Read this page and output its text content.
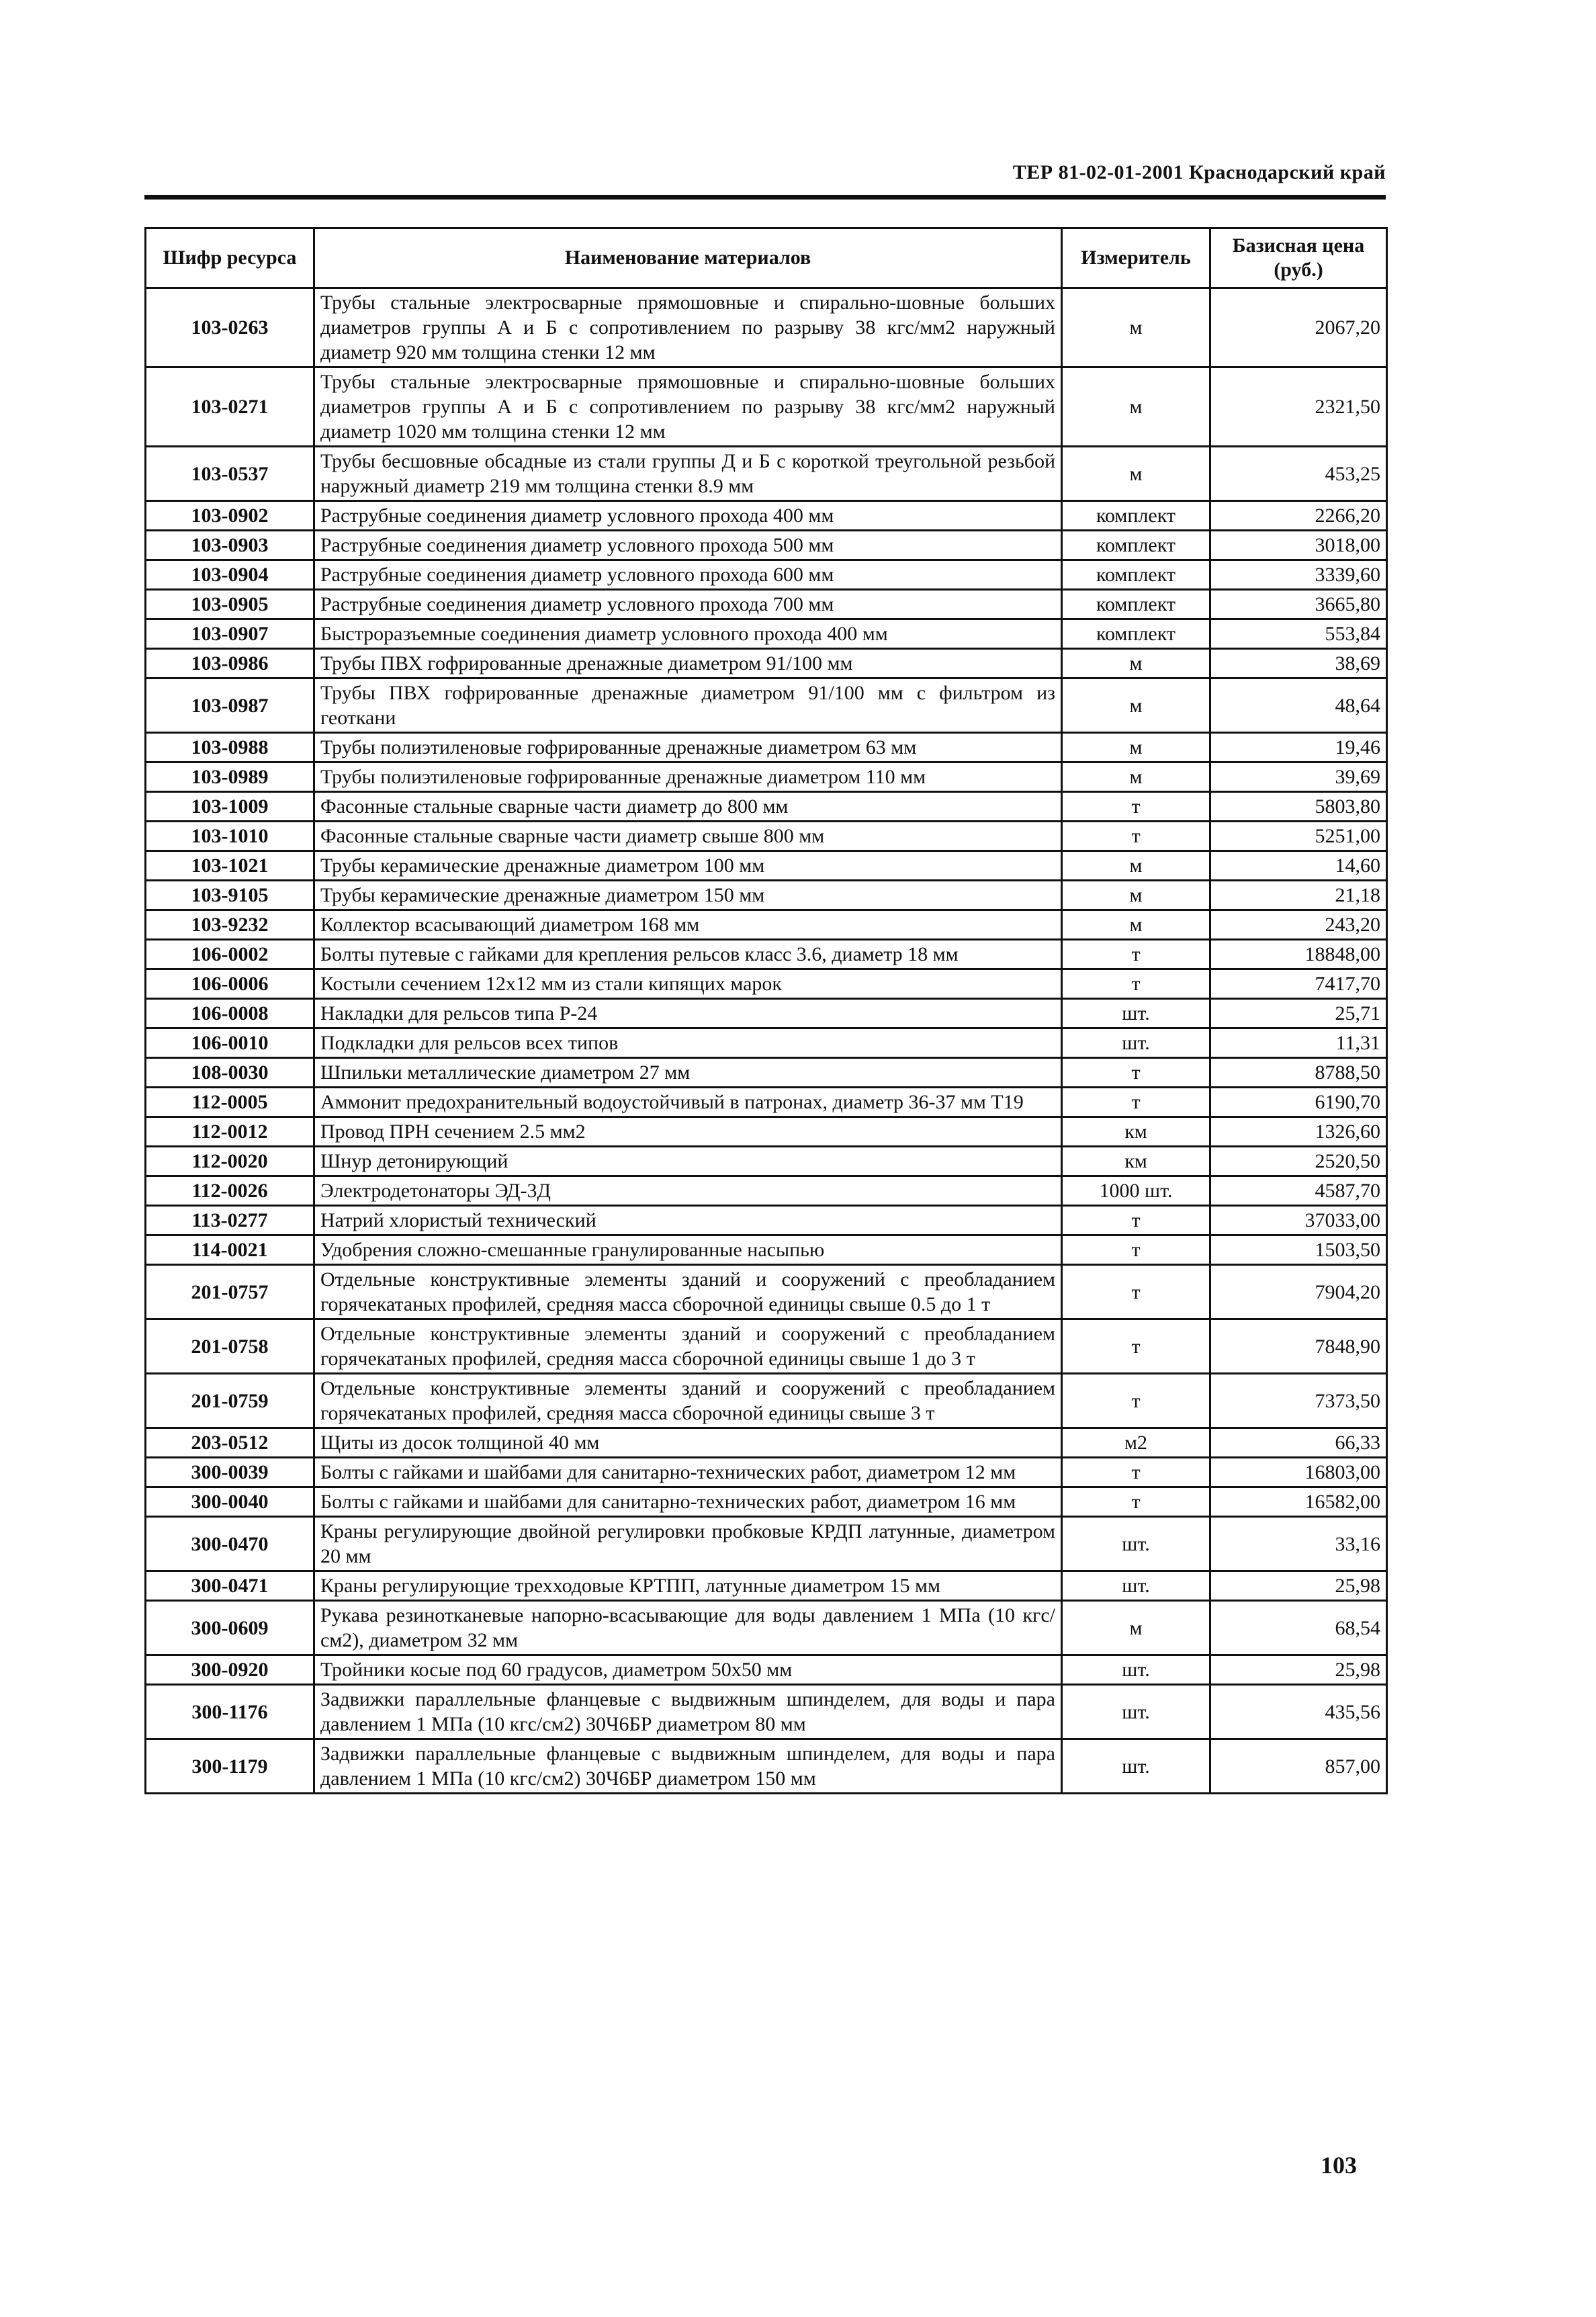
ТЕР 81-02-01-2001 Краснодарский край
Шифр ресурса	Наименование материалов	Измеритель	Базисная цена (руб.)
103-0263	Трубы стальные электросварные прямошовные и спирально-шовные больших диаметров группы А и Б с сопротивлением по разрыву 38 кгс/мм2 наружный диаметр 920 мм толщина стенки 12 мм	м	2067,20
103-0271	Трубы стальные электросварные прямошовные и спирально-шовные больших диаметров группы А и Б с сопротивлением по разрыву 38 кгс/мм2 наружный диаметр 1020 мм толщина стенки 12 мм	м	2321,50
103-0537	Трубы бесшовные обсадные из стали группы Д и Б с короткой треугольной резьбой наружный диаметр 219 мм толщина стенки 8.9 мм	м	453,25
103-0902	Раструбные соединения диаметр условного прохода 400 мм	комплект	2266,20
103-0903	Раструбные соединения диаметр условного прохода 500 мм	комплект	3018,00
103-0904	Раструбные соединения диаметр условного прохода 600 мм	комплект	3339,60
103-0905	Раструбные соединения диаметр условного прохода 700 мм	комплект	3665,80
103-0907	Быстроразъемные соединения диаметр условного прохода 400 мм	комплект	553,84
103-0986	Трубы ПВХ гофрированные дренажные диаметром 91/100 мм	м	38,69
103-0987	Трубы ПВХ гофрированные дренажные диаметром 91/100 мм с фильтром из геоткани	м	48,64
103-0988	Трубы полиэтиленовые гофрированные дренажные диаметром 63 мм	м	19,46
103-0989	Трубы полиэтиленовые гофрированные дренажные диаметром 110 мм	м	39,69
103-1009	Фасонные стальные сварные части диаметр до 800 мм	т	5803,80
103-1010	Фасонные стальные сварные части диаметр свыше 800 мм	т	5251,00
103-1021	Трубы керамические дренажные диаметром 100 мм	м	14,60
103-9105	Трубы керамические дренажные диаметром 150 мм	м	21,18
103-9232	Коллектор всасывающий диаметром 168 мм	м	243,20
106-0002	Болты путевые с гайками для крепления рельсов класс 3.6, диаметр 18 мм	т	18848,00
106-0006	Костыли сечением 12х12 мм из стали кипящих марок	т	7417,70
106-0008	Накладки для рельсов типа Р-24	шт.	25,71
106-0010	Подкладки для рельсов всех типов	шт.	11,31
108-0030	Шпильки металлические диаметром 27 мм	т	8788,50
112-0005	Аммонит предохранительный водоустойчивый в патронах, диаметр 36-37 мм Т19	т	6190,70
112-0012	Провод ПРН сечением 2.5 мм2	км	1326,60
112-0020	Шнур детонирующий	км	2520,50
112-0026	Электродетонаторы ЭД-3Д	1000 шт.	4587,70
113-0277	Натрий хлористый технический	т	37033,00
114-0021	Удобрения сложно-смешанные гранулированные насыпью	т	1503,50
201-0757	Отдельные конструктивные элементы зданий и сооружений с преобладанием горячекатаных профилей, средняя масса сборочной единицы свыше 0.5 до 1 т	т	7904,20
201-0758	Отдельные конструктивные элементы зданий и сооружений с преобладанием горячекатаных профилей, средняя масса сборочной единицы свыше 1 до 3 т	т	7848,90
201-0759	Отдельные конструктивные элементы зданий и сооружений с преобладанием горячекатаных профилей, средняя масса сборочной единицы свыше 3 т	т	7373,50
203-0512	Щиты из досок толщиной 40 мм	м2	66,33
300-0039	Болты с гайками и шайбами для санитарно-технических работ, диаметром 12 мм	т	16803,00
300-0040	Болты с гайками и шайбами для санитарно-технических работ, диаметром 16 мм	т	16582,00
300-0470	Краны регулирующие двойной регулировки пробковые КРДП латунные, диаметром 20 мм	шт.	33,16
300-0471	Краны регулирующие трехходовые КРТПП, латунные диаметром 15 мм	шт.	25,98
300-0609	Рукава резинотканевые напорно-всасывающие для воды давлением 1 МПа (10 кгс/см2), диаметром 32 мм	м	68,54
300-0920	Тройники косые под 60 градусов, диаметром 50х50 мм	шт.	25,98
300-1176	Задвижки параллельные фланцевые с выдвижным шпинделем, для воды и пара давлением 1 МПа (10 кгс/см2) 30Ч6БР диаметром 80 мм	шт.	435,56
300-1179	Задвижки параллельные фланцевые с выдвижным шпинделем, для воды и пара давлением 1 МПа (10 кгс/см2) 30Ч6БР диаметром 150 мм	шт.	857,00
103
